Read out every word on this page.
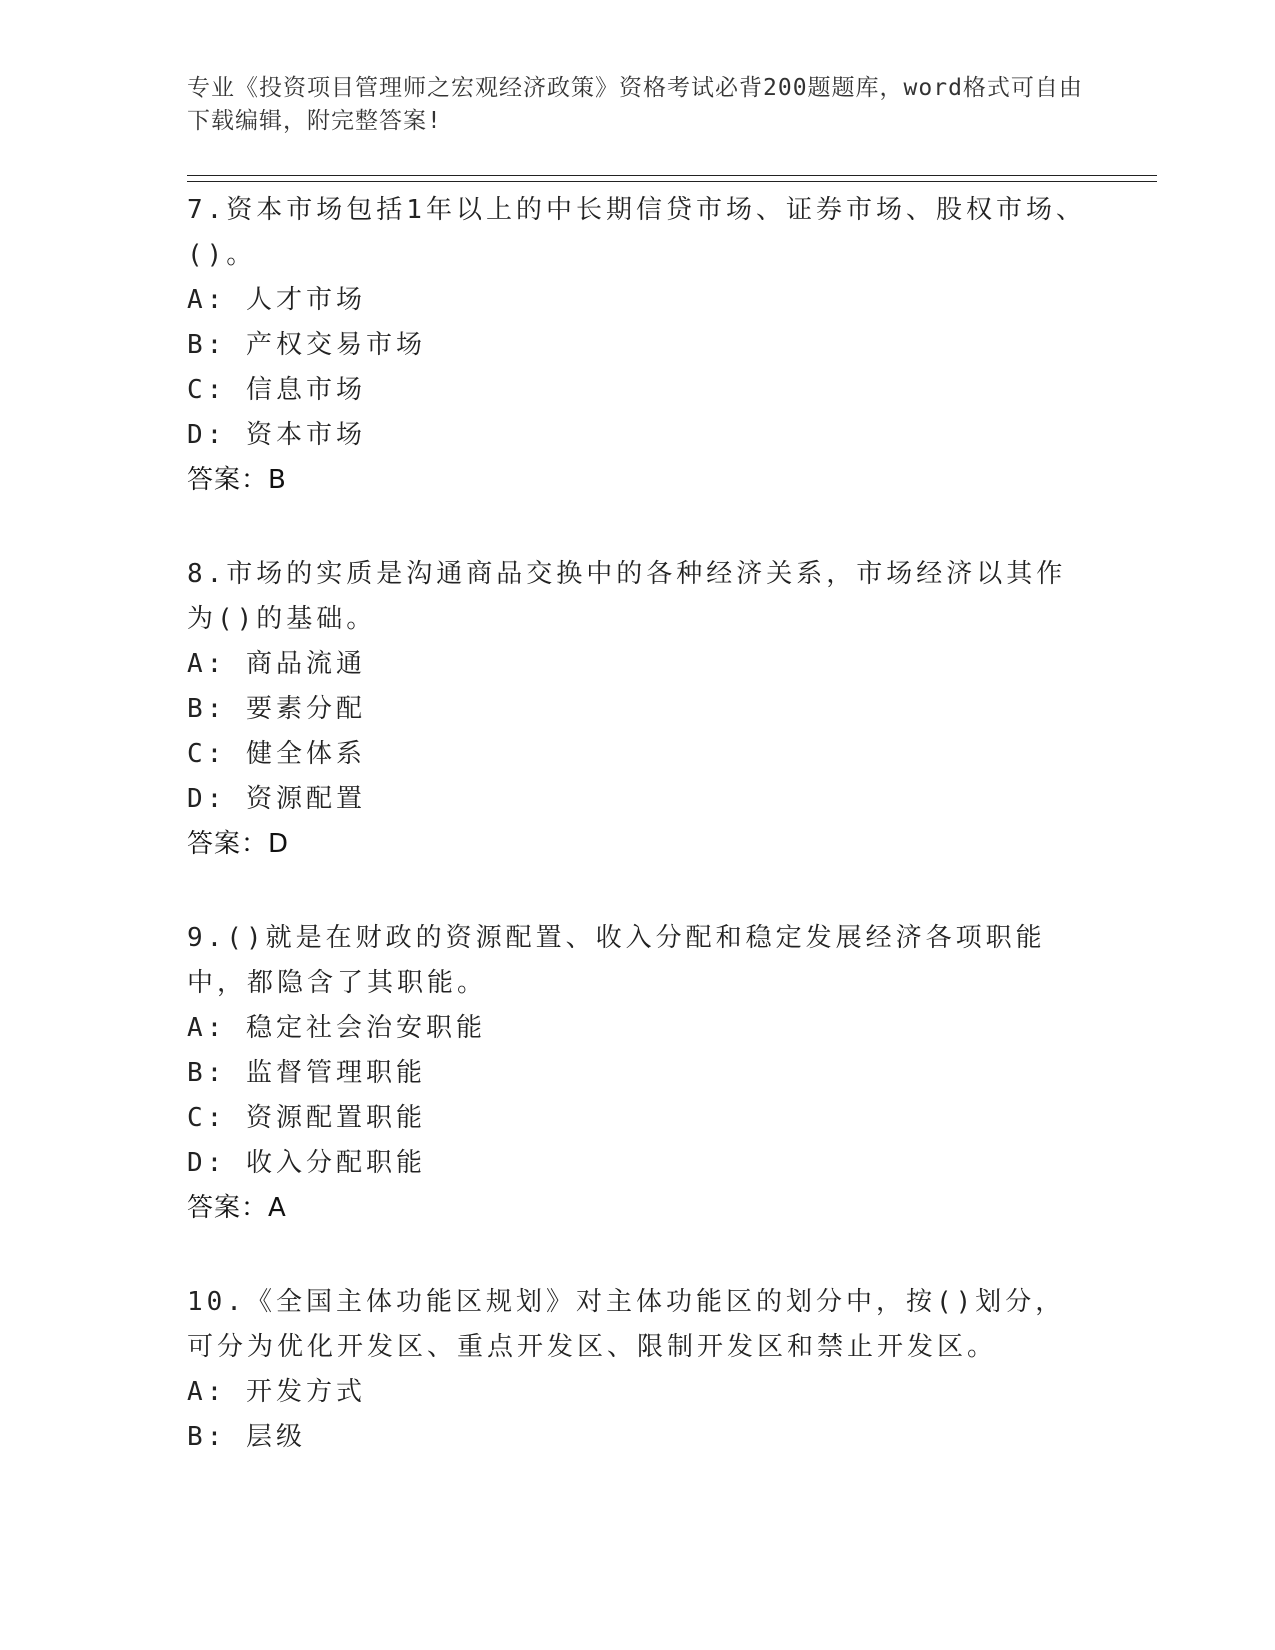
专业《投资项目管理师之宏观经济政策》资格考试必背200题题库，word格式可自由下载编辑，附完整答案!
7.资本市场包括1年以上的中长期信贷市场、证券市场、股权市场、()。
A: 人才市场
B: 产权交易市场
C: 信息市场
D: 资本市场
答案：B
8.市场的实质是沟通商品交换中的各种经济关系，市场经济以其作为()的基础。
A: 商品流通
B: 要素分配
C: 健全体系
D: 资源配置
答案：D
9.()就是在财政的资源配置、收入分配和稳定发展经济各项职能中，都隐含了其职能。
A: 稳定社会治安职能
B: 监督管理职能
C: 资源配置职能
D: 收入分配职能
答案：A
10.《全国主体功能区规划》对主体功能区的划分中，按()划分，可分为优化开发区、重点开发区、限制开发区和禁止开发区。
A: 开发方式
B: 层级
